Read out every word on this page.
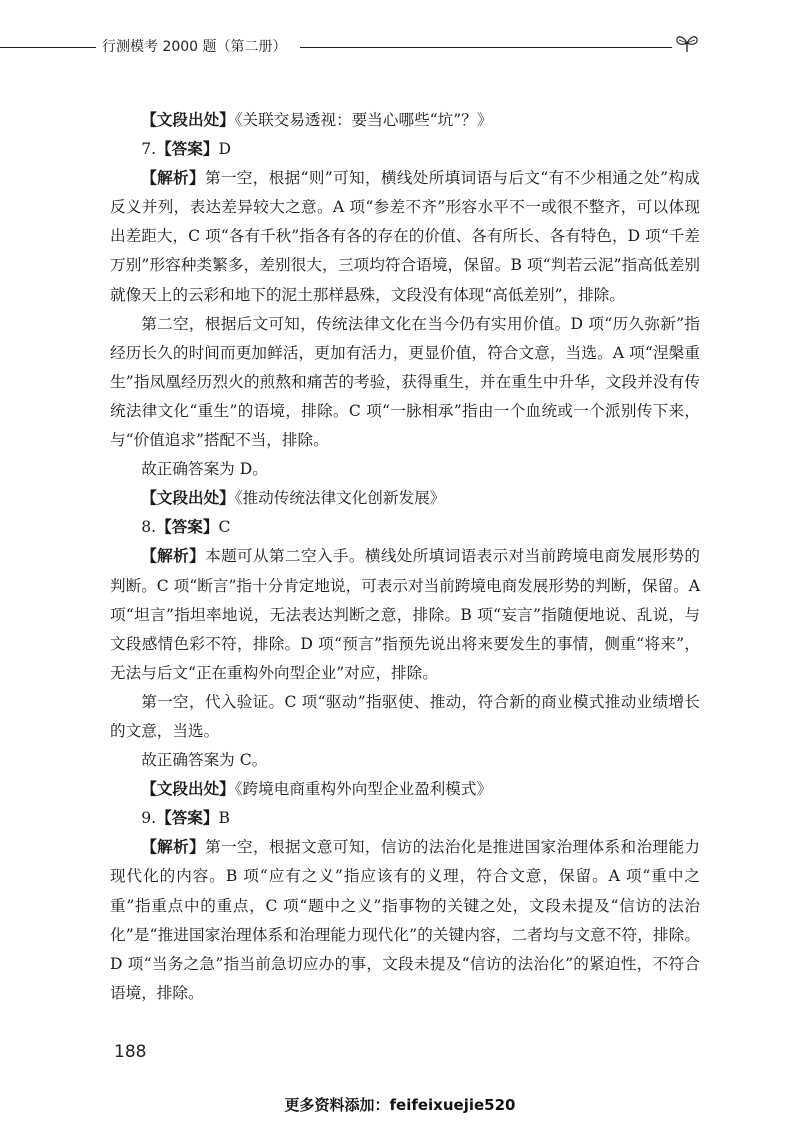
行测模考 2000 题（第二册）

【文段出处】《关联交易透视：要当心哪些“坑”？》

7.【答案】D

【解析】第一空，根据“则”可知，横线处所填词语与后文“有不少相通之处”构成反义并列，表达差异较大之意。A 项“参差不齐”形容水平不一或很不整齐，可以体现出差距大，C 项“各有千秋”指各有各的存在的价值、各有所长、各有特色，D 项“千差万别”形容种类繁多，差别很大，三项均符合语境，保留。B 项“判若云泥”指高低差别就像天上的云彩和地下的泥土那样悬殊，文段没有体现“高低差别”，排除。

第二空，根据后文可知，传统法律文化在当今仍有实用价值。D 项“历久弥新”指经历长久的时间而更加鲜活，更加有活力，更显价值，符合文意，当选。A 项“涅槃重生”指凤凰经历烈火的煎熬和痛苦的考验，获得重生，并在重生中升华，文段并没有传统法律文化“重生”的语境，排除。C 项“一脉相承”指由一个血统或一个派别传下来，与“价值追求”搭配不当，排除。

故正确答案为 D。

【文段出处】《推动传统法律文化创新发展》

8.【答案】C

【解析】本题可从第二空入手。横线处所填词语表示对当前跨境电商发展形势的判断。C 项“断言”指十分肯定地说，可表示对当前跨境电商发展形势的判断，保留。A 项“坦言”指坦率地说，无法表达判断之意，排除。B 项“妄言”指随便地说、乱说，与文段感情色彩不符，排除。D 项“预言”指预先说出将来要发生的事情，侧重“将来”，无法与后文“正在重构外向型企业”对应，排除。

第一空，代入验证。C 项“驱动”指驱使、推动，符合新的商业模式推动业绩增长的文意，当选。

故正确答案为 C。

【文段出处】《跨境电商重构外向型企业盈利模式》

9.【答案】B

【解析】第一空，根据文意可知，信访的法治化是推进国家治理体系和治理能力现代化的内容。B 项“应有之义”指应该有的义理，符合文意，保留。A 项“重中之重”指重点中的重点，C 项“题中之义”指事物的关键之处，文段未提及“信访的法治化”是“推进国家治理体系和治理能力现代化”的关键内容，二者均与文意不符，排除。D 项“当务之急”指当前急切应办的事，文段未提及“信访的法治化”的紧迫性，不符合语境，排除。

188
更多资料添加：feifeixuejie520
